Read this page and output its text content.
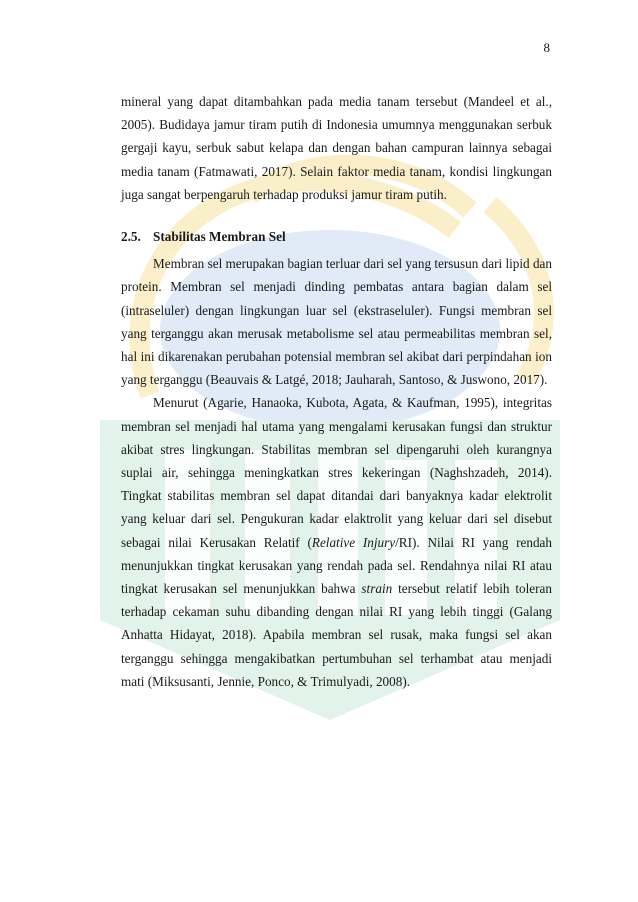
8

mineral yang dapat ditambahkan pada media tanam tersebut (Mandeel et al., 2005). Budidaya jamur tiram putih di Indonesia umumnya menggunakan serbuk gergaji kayu, serbuk sabut kelapa dan dengan bahan campuran lainnya sebagai media tanam (Fatmawati, 2017). Selain faktor media tanam, kondisi lingkungan juga sangat berpengaruh terhadap produksi jamur tiram putih.

2.5. Stabilitas Membran Sel

Membran sel merupakan bagian terluar dari sel yang tersusun dari lipid dan protein. Membran sel menjadi dinding pembatas antara bagian dalam sel (intraseluler) dengan lingkungan luar sel (ekstraseluler). Fungsi membran sel yang terganggu akan merusak metabolisme sel atau permeabilitas membran sel, hal ini dikarenakan perubahan potensial membran sel akibat dari perpindahan ion yang terganggu (Beauvais & Latgé, 2018; Jauharah, Santoso, & Juswono, 2017).

Menurut (Agarie, Hanaoka, Kubota, Agata, & Kaufman, 1995), integritas membran sel menjadi hal utama yang mengalami kerusakan fungsi dan struktur akibat stres lingkungan. Stabilitas membran sel dipengaruhi oleh kurangnya suplai air, sehingga meningkatkan stres kekeringan (Naghshzadeh, 2014). Tingkat stabilitas membran sel dapat ditandai dari banyaknya kadar elektrolit yang keluar dari sel. Pengukuran kadar elaktrolit yang keluar dari sel disebut sebagai nilai Kerusakan Relatif (Relative Injury/RI). Nilai RI yang rendah menunjukkan tingkat kerusakan yang rendah pada sel. Rendahnya nilai RI atau tingkat kerusakan sel menunjukkan bahwa strain tersebut relatif lebih toleran terhadap cekaman suhu dibanding dengan nilai RI yang lebih tinggi (Galang Anhatta Hidayat, 2018). Apabila membran sel rusak, maka fungsi sel akan terganggu sehingga mengakibatkan pertumbuhan sel terhambat atau menjadi mati (Miksusanti, Jennie, Ponco, & Trimulyadi, 2008).
